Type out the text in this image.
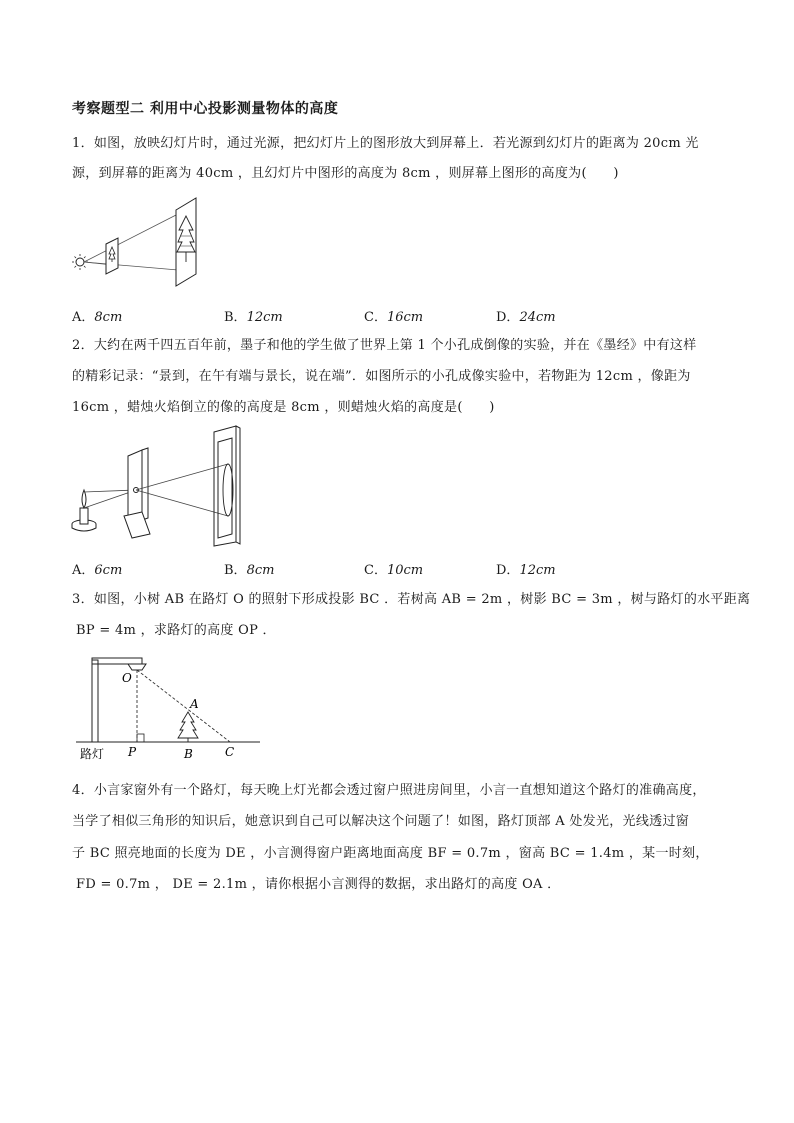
考察题型二 利用中心投影测量物体的高度
1．如图，放映幻灯片时，通过光源，把幻灯片上的图形放大到屏幕上．若光源到幻灯片的距离为 20cm 光
源，到屏幕的距离为 40cm ，且幻灯片中图形的高度为 8cm ，则屏幕上图形的高度为(　　)
A．8cm	B．12cm	C．16cm	D．24cm
2．大约在两千四五百年前，墨子和他的学生做了世界上第 1 个小孔成倒像的实验，并在《墨经》中有这样
的精彩记录：“景到，在午有端与景长，说在端”．如图所示的小孔成像实验中，若物距为 12cm ，像距为
16cm ，蜡烛火焰倒立的像的高度是 8cm ，则蜡烛火焰的高度是(　　)
A．6cm	B．8cm	C．10cm	D．12cm
3．如图，小树 AB 在路灯 O 的照射下形成投影 BC ．若树高 AB = 2m ，树影 BC = 3m ，树与路灯的水平距离
BP = 4m ，求路灯的高度 OP ．
O
A
P	B	C
路灯
4．小言家窗外有一个路灯，每天晚上灯光都会透过窗户照进房间里，小言一直想知道这个路灯的准确高度，
当学了相似三角形的知识后，她意识到自己可以解决这个问题了！如图，路灯顶部 A 处发光，光线透过窗
子 BC 照亮地面的长度为 DE ，小言测得窗户距离地面高度 BF = 0.7m ，窗高 BC = 1.4m ，某一时刻，
FD = 0.7m ， DE = 2.1m ，请你根据小言测得的数据，求出路灯的高度 OA ．
